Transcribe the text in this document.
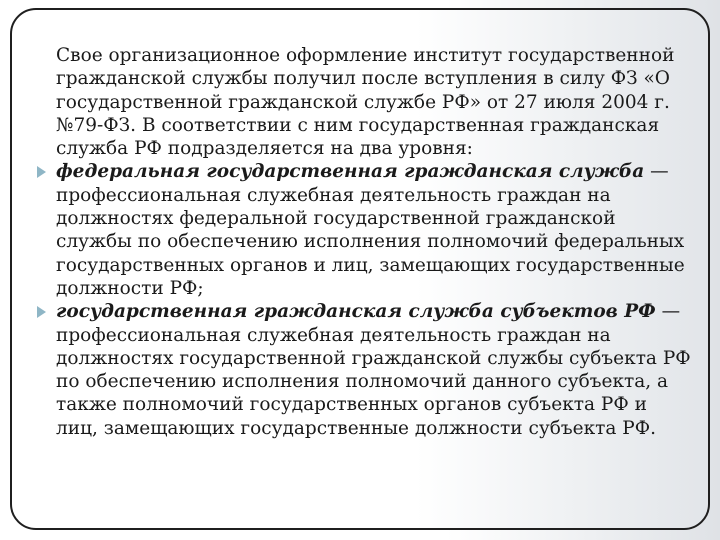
Свое организационное оформление институт государственной гражданской службы получил после вступления в силу ФЗ «О государственной гражданской службе РФ» от 27 июля 2004 г. №79-ФЗ. В соответствии с ним государственная гражданская служба РФ подразделяется на два уровня:

федеральная государственная гражданская служба — профессиональная служебная деятельность граждан на должностях федеральной государственной гражданской службы по обеспечению исполнения полномочий федеральных государственных органов и лиц, замещающих государственные должности РФ;

государственная гражданская служба субъектов РФ — профессиональная служебная деятельность граждан на должностях государственной гражданской службы субъекта РФ по обеспечению исполнения полномочий данного субъекта, а также полномочий государственных органов субъекта РФ и лиц, замещающих государственные должности субъекта РФ.
